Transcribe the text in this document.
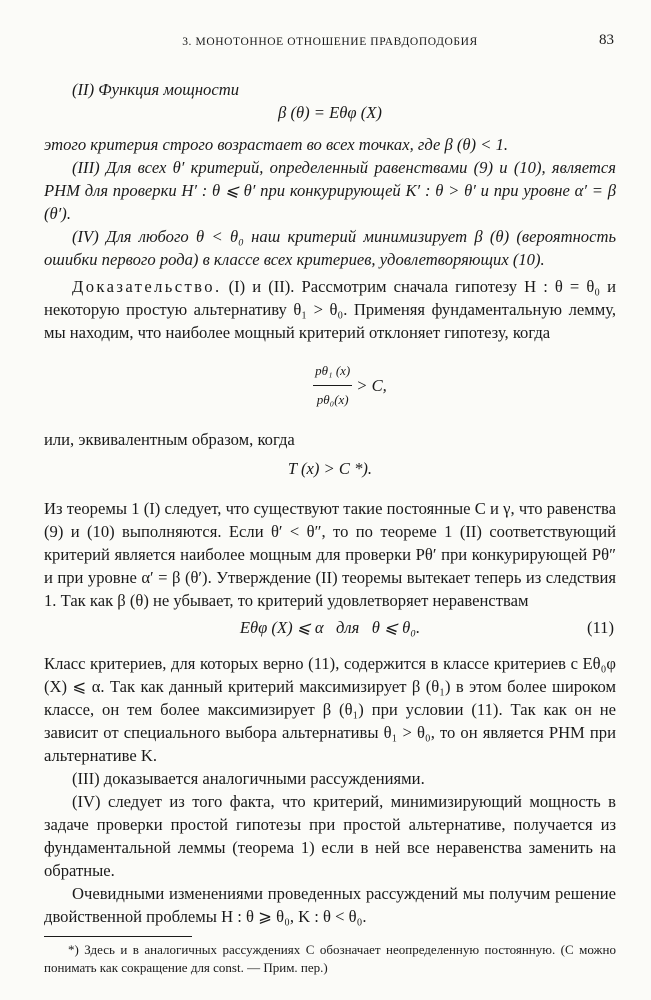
3. МОНОТОННОЕ ОТНОШЕНИЕ ПРАВДОПОДОБИЯ	83

(II) Функция мощности

β (θ) = Eθφ (X)

этого критерия строго возрастает во всех точках, где β (θ) < 1.

(III) Для всех θ′ критерий, определенный равенствами (9) и (10), является РНМ для проверки H′ : θ ⩽ θ′ при конкурирующей K′ : θ > θ′ и при уровне α′ = β (θ′).

(IV) Для любого θ < θ₀ наш критерий минимизирует β (θ) (вероятность ошибки первого рода) в классе всех критериев, удовлетворяющих (10).

Доказательство. (I) и (II). Рассмотрим сначала гипотезу H : θ = θ₀ и некоторую простую альтернативу θ₁ > θ₀. Применяя фундаментальную лемму, мы находим, что наиболее мощный критерий отклоняет гипотезу, когда

$\frac{\text{pθ₁ (x)}}{\text{pθ₀(x)}} > C$,

или, эквивалентным образом, когда

T (x) > C *).

Из теоремы 1 (I) следует, что существуют такие постоянные C и γ, что равенства (9) и (10) выполняются. Если θ′ < θ″, то по теореме 1 (II) соответствующий критерий является наиболее мощным для проверки Pθ′ при конкурирующей Pθ″ и при уровне α′ = β (θ′). Утверждение (II) теоремы вытекает теперь из следствия 1. Так как β (θ) не убывает, то критерий удовлетворяет неравенствам

Eθφ (X) ⩽ α   для   θ ⩽ θ₀.	(11)

Класс критериев, для которых верно (11), содержится в классе критериев с Eθ₀φ (X) ⩽ α. Так как данный критерий максимизирует β (θ₁) в этом более широком классе, он тем более максимизирует β (θ₁) при условии (11). Так как он не зависит от специального выбора альтернативы θ₁ > θ₀, то он является РНМ при альтернативе K.

(III) доказывается аналогичными рассуждениями.

(IV) следует из того факта, что критерий, минимизирующий мощность в задаче проверки простой гипотезы при простой альтернативе, получается из фундаментальной леммы (теорема 1) если в ней все неравенства заменить на обратные.

Очевидными изменениями проведенных рассуждений мы получим решение двойственной проблемы H : θ ⩾ θ₀, K : θ < θ₀.

*) Здесь и в аналогичных рассуждениях C обозначает неопределенную постоянную. (C можно понимать как сокращение для const. — Прим. пер.)
